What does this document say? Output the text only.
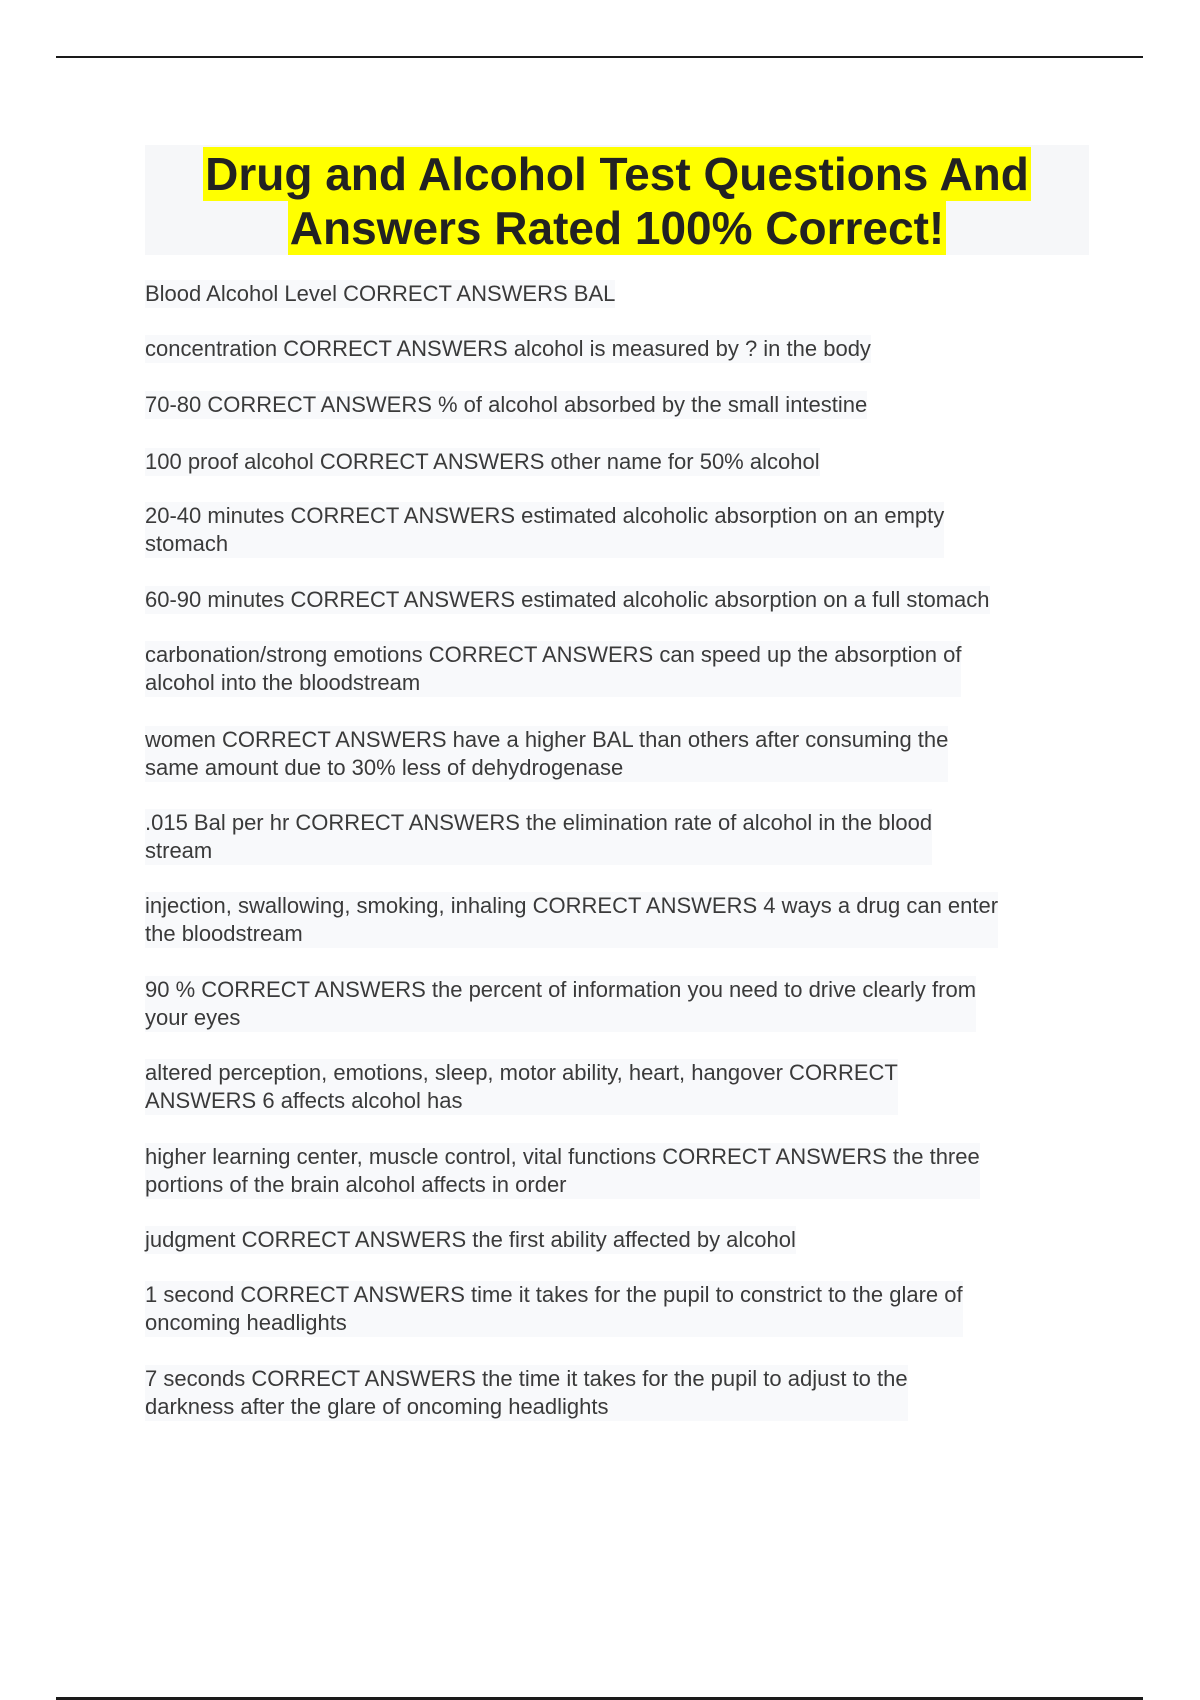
Drug and Alcohol Test Questions And
Answers Rated 100% Correct!
Blood Alcohol Level CORRECT ANSWERS BAL
concentration CORRECT ANSWERS alcohol is measured by ? in the body
70-80 CORRECT ANSWERS % of alcohol absorbed by the small intestine
100 proof alcohol CORRECT ANSWERS other name for 50% alcohol
20-40 minutes CORRECT ANSWERS estimated alcoholic absorption on an empty
stomach
60-90 minutes CORRECT ANSWERS estimated alcoholic absorption on a full stomach
carbonation/strong emotions CORRECT ANSWERS can speed up the absorption of
alcohol into the bloodstream
women CORRECT ANSWERS have a higher BAL than others after consuming the
same amount due to 30% less of dehydrogenase
.015 Bal per hr CORRECT ANSWERS the elimination rate of alcohol in the blood
stream
injection, swallowing, smoking, inhaling CORRECT ANSWERS 4 ways a drug can enter
the bloodstream
90 % CORRECT ANSWERS the percent of information you need to drive clearly from
your eyes
altered perception, emotions, sleep, motor ability, heart, hangover CORRECT
ANSWERS 6 affects alcohol has
higher learning center, muscle control, vital functions CORRECT ANSWERS the three
portions of the brain alcohol affects in order
judgment CORRECT ANSWERS the first ability affected by alcohol
1 second CORRECT ANSWERS time it takes for the pupil to constrict to the glare of
oncoming headlights
7 seconds CORRECT ANSWERS the time it takes for the pupil to adjust to the
darkness after the glare of oncoming headlights
